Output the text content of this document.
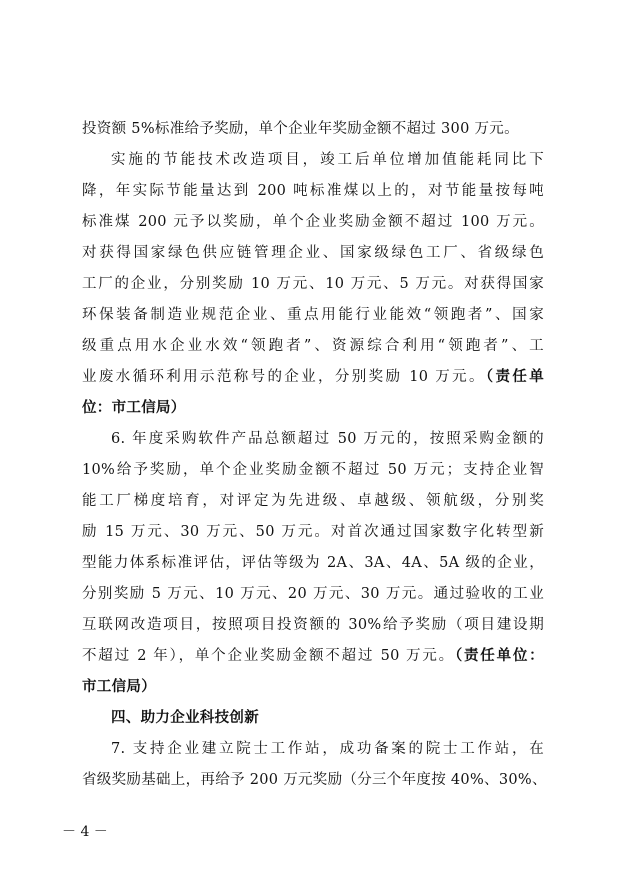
投资额 5%标准给予奖励，单个企业年奖励金额不超过 300 万元。
实施的节能技术改造项目，竣工后单位增加值能耗同比下
降，年实际节能量达到 200 吨标准煤以上的，对节能量按每吨
标准煤 200 元予以奖励，单个企业奖励金额不超过 100 万元。
对获得国家绿色供应链管理企业、国家级绿色工厂、省级绿色
工厂的企业，分别奖励 10 万元、10 万元、5 万元。对获得国家
环保装备制造业规范企业、重点用能行业能效“领跑者”、国家
级重点用水企业水效“领跑者”、资源综合利用“领跑者”、工
业废水循环利用示范称号的企业，分别奖励 10 万元。（责任单
位：市工信局）
6. 年度采购软件产品总额超过 50 万元的，按照采购金额的
10%给予奖励，单个企业奖励金额不超过 50 万元；支持企业智
能工厂梯度培育，对评定为先进级、卓越级、领航级，分别奖
励 15 万元、30 万元、50 万元。对首次通过国家数字化转型新
型能力体系标准评估，评估等级为 2A、3A、4A、5A 级的企业，
分别奖励 5 万元、10 万元、20 万元、30 万元。通过验收的工业
互联网改造项目，按照项目投资额的 30%给予奖励（项目建设期
不超过 2 年），单个企业奖励金额不超过 50 万元。（责任单位：
市工信局）
四、助力企业科技创新
7. 支持企业建立院士工作站，成功备案的院士工作站，在
省级奖励基础上，再给予 200 万元奖励（分三个年度按 40%、30%、
－ 4 －
